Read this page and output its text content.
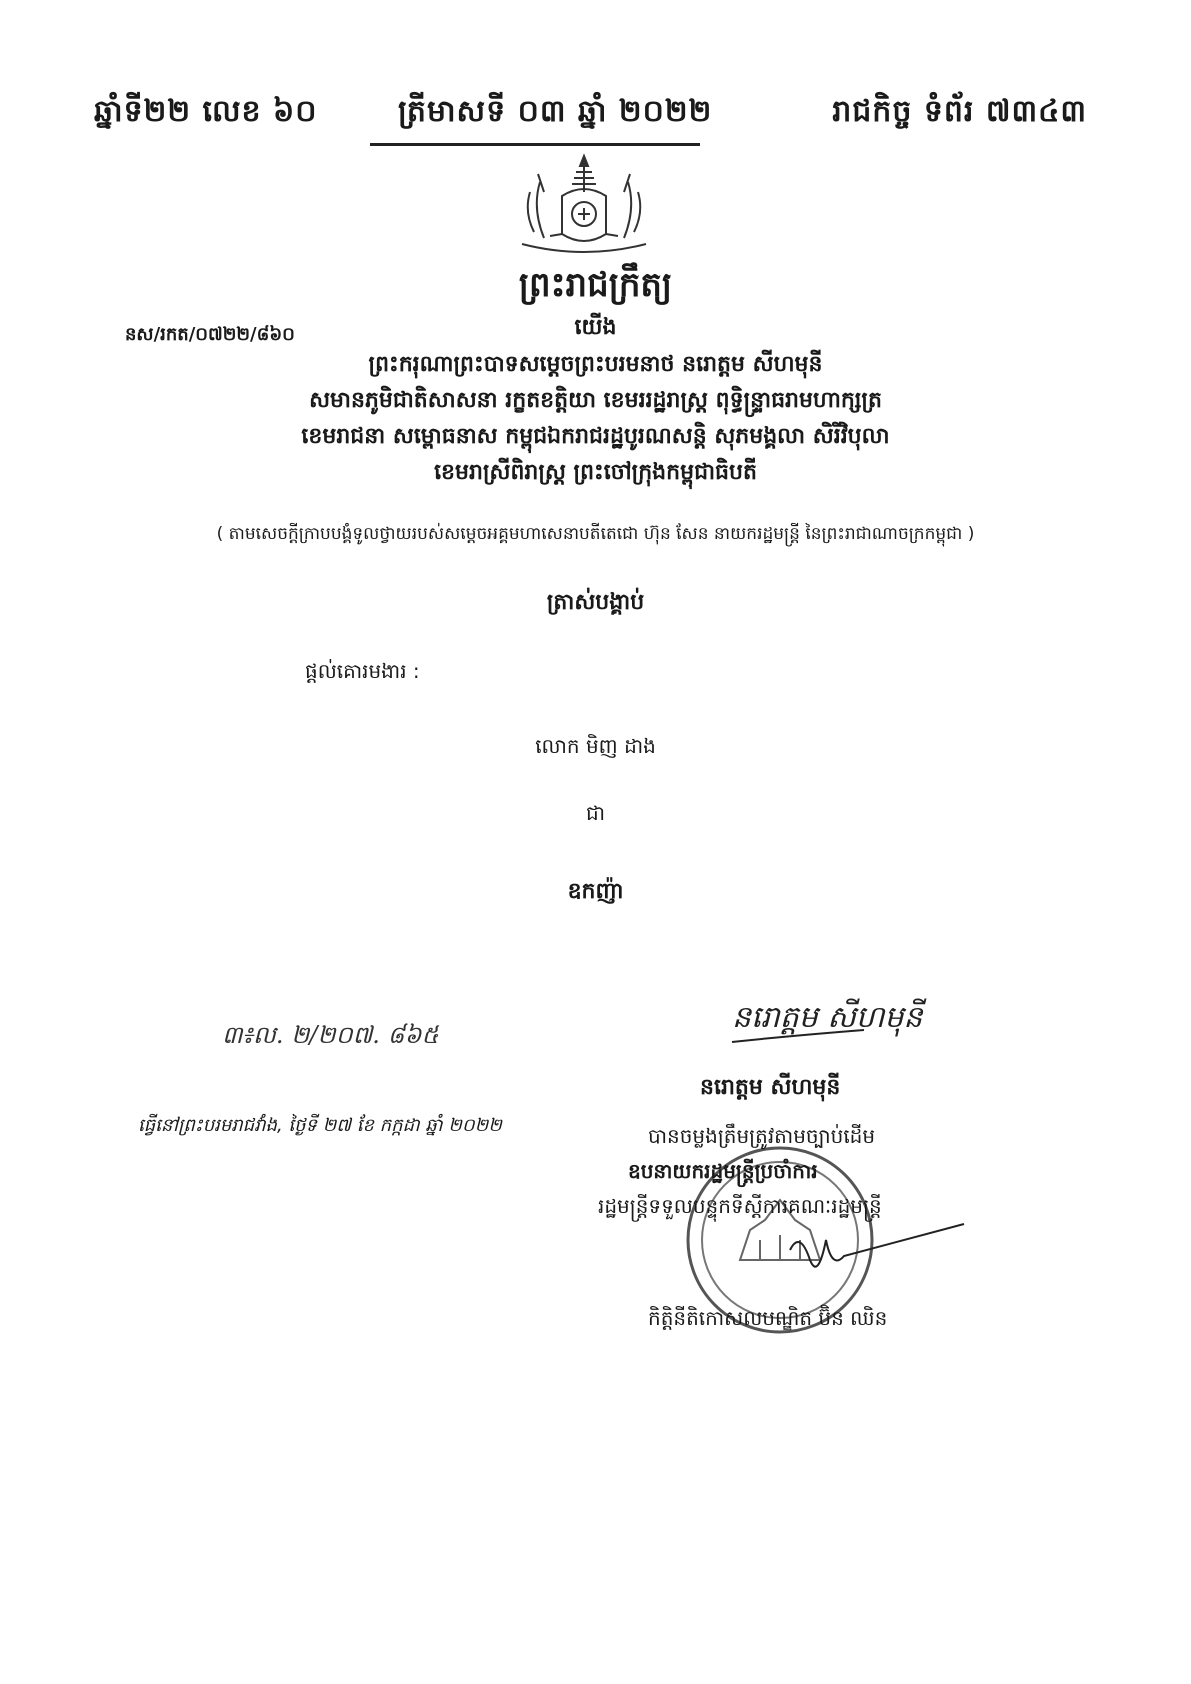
ឆ្នាំទី២២ លេខ ៦០	ត្រីមាសទី ០៣ ឆ្នាំ ២០២២	រាជកិច្ច ទំព័រ ៧៣៤៣
ព្រះរាជក្រឹត្យ
នស/រកត/០៧២២/៨៦០	យើង
ព្រះករុណាព្រះបាទសម្ដេចព្រះបរមនាថ នរោត្តម សីហមុនី
សមានភូមិជាតិសាសនា រក្ខតខត្តិយា ខេមររដ្ឋរាស្ត្រ ពុទ្ធិន្ទ្រាធរាមហាក្សត្រ
ខេមរាជនា សម្ពោធនាស កម្ពុជឯករាជរដ្ឋបូរណសន្តិ សុភមង្គលា សិរីវិបុលា
ខេមរាស្រីពិរាស្ត្រ ព្រះចៅក្រុងកម្ពុជាធិបតី
( តាមសេចក្តីក្រាបបង្គំទូលថ្វាយរបស់សម្តេចអគ្គមហាសេនាបតីតេជោ ហ៊ុន សែន នាយករដ្ឋមន្ត្រី នៃព្រះរាជាណាចក្រកម្ពុជា )
ត្រាស់បង្គាប់
ផ្ដល់គោរមងារ :
លោក មិញ ដាង
ជា
ឧកញ៉ា
៣៖ល. ២/២០៧. ៨៦៥	នរោត្តម សីហមុនី
ធ្វើនៅព្រះបរមរាជវាំង, ថ្ងៃទី ២៧ ខែ កក្កដា ឆ្នាំ ២០២២
នរោត្តម សីហមុនី
បានចម្លងត្រឹមត្រូវតាមច្បាប់ដើម
ឧបនាយករដ្ឋមន្ត្រីប្រចាំការ
រដ្ឋមន្ត្រីទទួលបន្ទុកទីស្តីការគណៈរដ្ឋមន្ត្រី
កិត្តិនីតិកោសលបណ្ឌិត ប៊ិន ឈិន
